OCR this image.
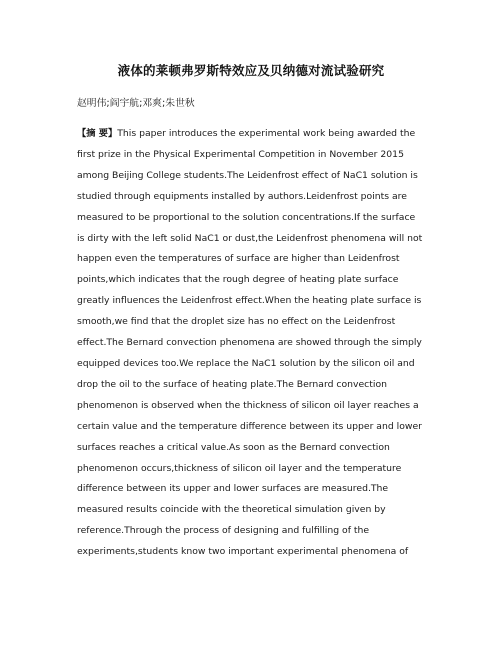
液体的莱顿弗罗斯特效应及贝纳德对流试验研究
赵明伟;阎宇航;邓爽;朱世秋
【摘 要】This paper introduces the experimental work being awarded the
first prize in the Physical Experimental Competition in November 2015
among Beijing College students.The Leidenfrost effect of NaC1 solution is
studied through equipments installed by authors.Leidenfrost points are
measured to be proportional to the solution concentrations.If the surface
is dirty with the left solid NaC1 or dust,the Leidenfrost phenomena will not
happen even the temperatures of surface are higher than Leidenfrost
points,which indicates that the rough degree of heating plate surface
greatly influences the Leidenfrost effect.When the heating plate surface is
smooth,we find that the droplet size has no effect on the Leidenfrost
effect.The Bernard convection phenomena are showed through the simply
equipped devices too.We replace the NaC1 solution by the silicon oil and
drop the oil to the surface of heating plate.The Bernard convection
phenomenon is observed when the thickness of silicon oil layer reaches a
certain value and the temperature difference between its upper and lower
surfaces reaches a critical value.As soon as the Bernard convection
phenomenon occurs,thickness of silicon oil layer and the temperature
difference between its upper and lower surfaces are measured.The
measured results coincide with the theoretical simulation given by
reference.Through the process of designing and fulfilling of the
experiments,students know two important experimental phenomena of
